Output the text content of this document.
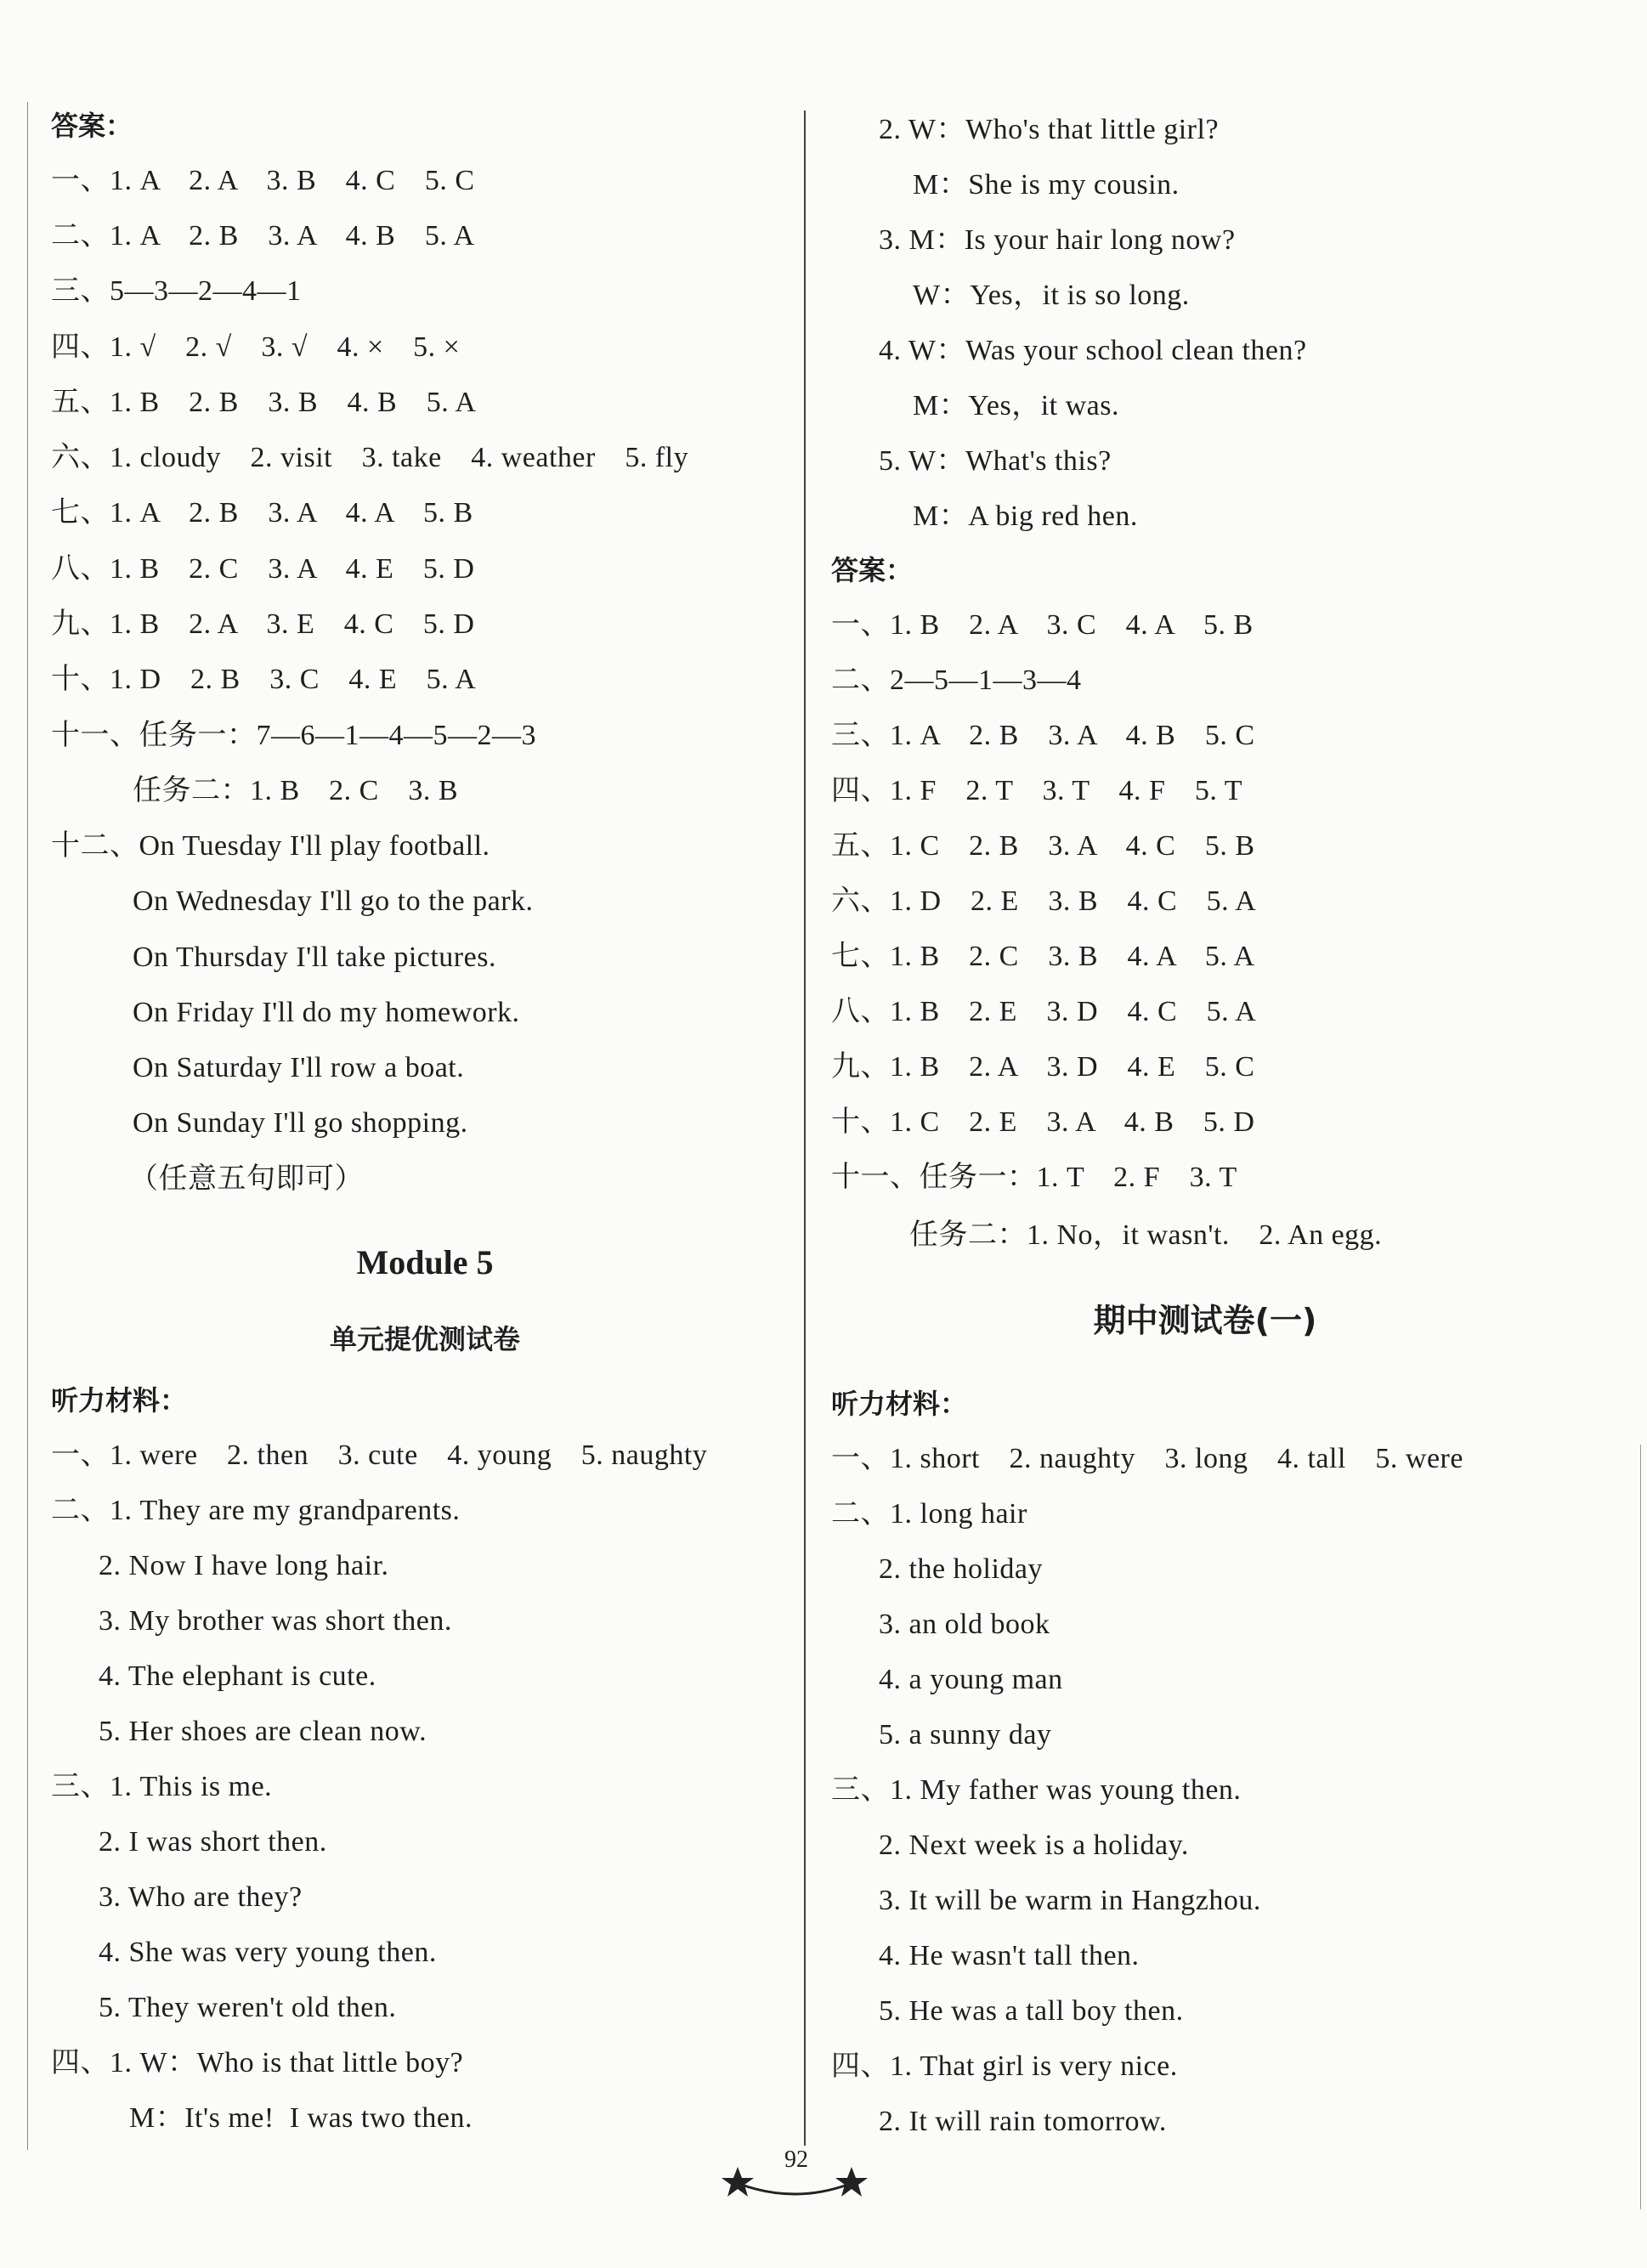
答案：
一、1. A　2. A　3. B　4. C　5. C
二、1. A　2. B　3. A　4. B　5. A
三、5—3—2—4—1
四、1. √　2. √　3. √　4. ×　5. ×
五、1. B　2. B　3. B　4. B　5. A
六、1. cloudy　2. visit　3. take　4. weather　5. fly
七、1. A　2. B　3. A　4. A　5. B
八、1. B　2. C　3. A　4. E　5. D
九、1. B　2. A　3. E　4. C　5. D
十、1. D　2. B　3. C　4. E　5. A
十一、任务一：7—6—1—4—5—2—3
任务二：1. B　2. C　3. B
十二、On Tuesday I'll play football.
On Wednesday I'll go to the park.
On Thursday I'll take pictures.
On Friday I'll do my homework.
On Saturday I'll row a boat.
On Sunday I'll go shopping.
（任意五句即可）
Module 5
单元提优测试卷
听力材料：
一、1. were　2. then　3. cute　4. young　5. naughty
二、1. They are my grandparents.
2. Now I have long hair.
3. My brother was short then.
4. The elephant is cute.
5. Her shoes are clean now.
三、1. This is me.
2. I was short then.
3. Who are they?
4. She was very young then.
5. They weren't old then.
四、1. W：Who is that little boy?
M：It's me!  I was two then.
2. W：Who's that little girl?
M：She is my cousin.
3. M：Is your hair long now?
W：Yes，it is so long.
4. W：Was your school clean then?
M：Yes，it was.
5. W：What's this?
M：A big red hen.
答案：
一、1. B　2. A　3. C　4. A　5. B
二、2—5—1—3—4
三、1. A　2. B　3. A　4. B　5. C
四、1. F　2. T　3. T　4. F　5. T
五、1. C　2. B　3. A　4. C　5. B
六、1. D　2. E　3. B　4. C　5. A
七、1. B　2. C　3. B　4. A　5. A
八、1. B　2. E　3. D　4. C　5. A
九、1. B　2. A　3. D　4. E　5. C
十、1. C　2. E　3. A　4. B　5. D
十一、任务一：1. T　2. F　3. T
任务二：1. No，it wasn't.　2. An egg.
期中测试卷(一)
听力材料：
一、1. short　2. naughty　3. long　4. tall　5. were
二、1. long hair
2. the holiday
3. an old book
4. a young man
5. a sunny day
三、1. My father was young then.
2. Next week is a holiday.
3. It will be warm in Hangzhou.
4. He wasn't tall then.
5. He was a tall boy then.
四、1. That girl is very nice.
2. It will rain tomorrow.
92
